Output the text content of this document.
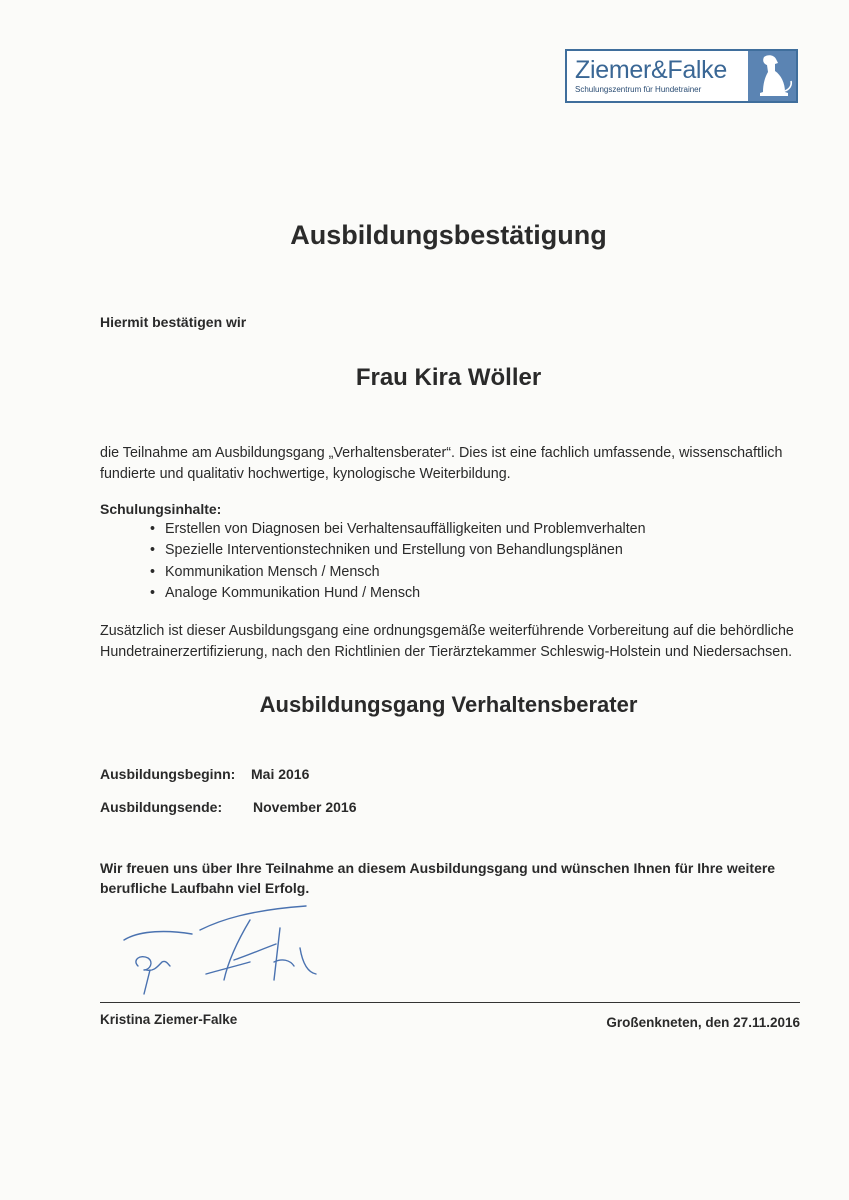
Ziemer&Falke
Schulungszentrum für Hundetrainer
Ausbildungsbestätigung
Hiermit bestätigen wir
Frau Kira Wöller
die Teilnahme am Ausbildungsgang „Verhaltensberater“. Dies ist eine fachlich umfassende, wissenschaftlich fundierte und qualitativ hochwertige, kynologische Weiterbildung.
Schulungsinhalte:
• Erstellen von Diagnosen bei Verhaltensauffälligkeiten und Problemverhalten
• Spezielle Interventionstechniken und Erstellung von Behandlungsplänen
• Kommunikation Mensch / Mensch
• Analoge Kommunikation Hund / Mensch
Zusätzlich ist dieser Ausbildungsgang eine ordnungsgemäße weiterführende Vorbereitung auf die behördliche Hundetrainerzertifizierung, nach den Richtlinien der Tierärztekammer Schleswig-Holstein und Niedersachsen.
Ausbildungsgang Verhaltensberater
Ausbildungsbeginn: Mai 2016
Ausbildungsende: November 2016
Wir freuen uns über Ihre Teilnahme an diesem Ausbildungsgang und wünschen Ihnen für Ihre weitere berufliche Laufbahn viel Erfolg.
Kristina Ziemer-Falke	Großenkneten, den 27.11.2016
